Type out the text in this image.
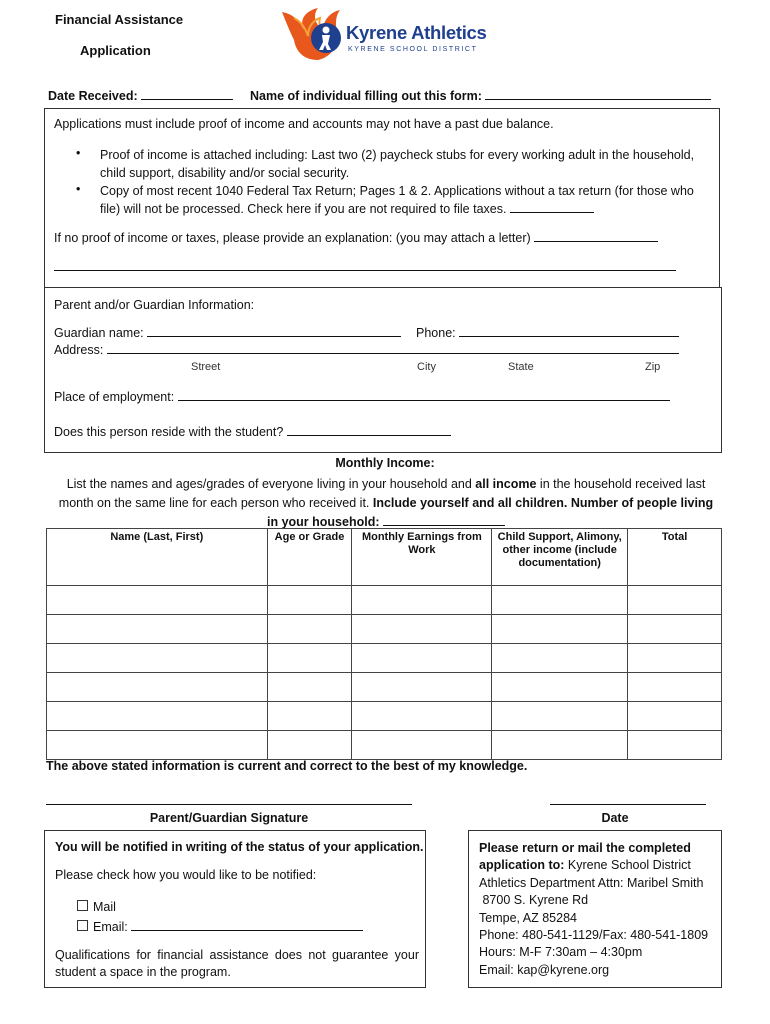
Financial Assistance
Application
Kyrene Athletics
KYRENE SCHOOL DISTRICT
Date Received:	Name of individual filling out this form:
Applications must include proof of income and accounts may not have a past due balance.
• Proof of income is attached including: Last two (2) paycheck stubs for every working adult in the household, child support, disability and/or social security.
• Copy of most recent 1040 Federal Tax Return; Pages 1 & 2. Applications without a tax return (for those who file) will not be processed. Check here if you are not required to file taxes.
If no proof of income or taxes, please provide an explanation: (you may attach a letter)
Parent and/or Guardian Information:
Guardian name:	Phone:
Address:
Street	City	State	Zip
Place of employment:
Does this person reside with the student?
Monthly Income:
List the names and ages/grades of everyone living in your household and all income in the household received last month on the same line for each person who received it. Include yourself and all children. Number of people living in your household:
Name (Last, First)	Age or Grade	Monthly Earnings from Work	Child Support, Alimony, other income (include documentation)	Total

The above stated information is current and correct to the best of my knowledge.
Parent/Guardian Signature	Date
You will be notified in writing of the status of your application.
Please check how you would like to be notified:
Mail
Email:
Qualifications for financial assistance does not guarantee your student a space in the program.
Please return or mail the completed application to: Kyrene School District
Athletics Department Attn: Maribel Smith
8700 S. Kyrene Rd
Tempe, AZ 85284
Phone: 480-541-1129/Fax: 480-541-1809
Hours: M-F 7:30am – 4:30pm
Email: kap@kyrene.org
